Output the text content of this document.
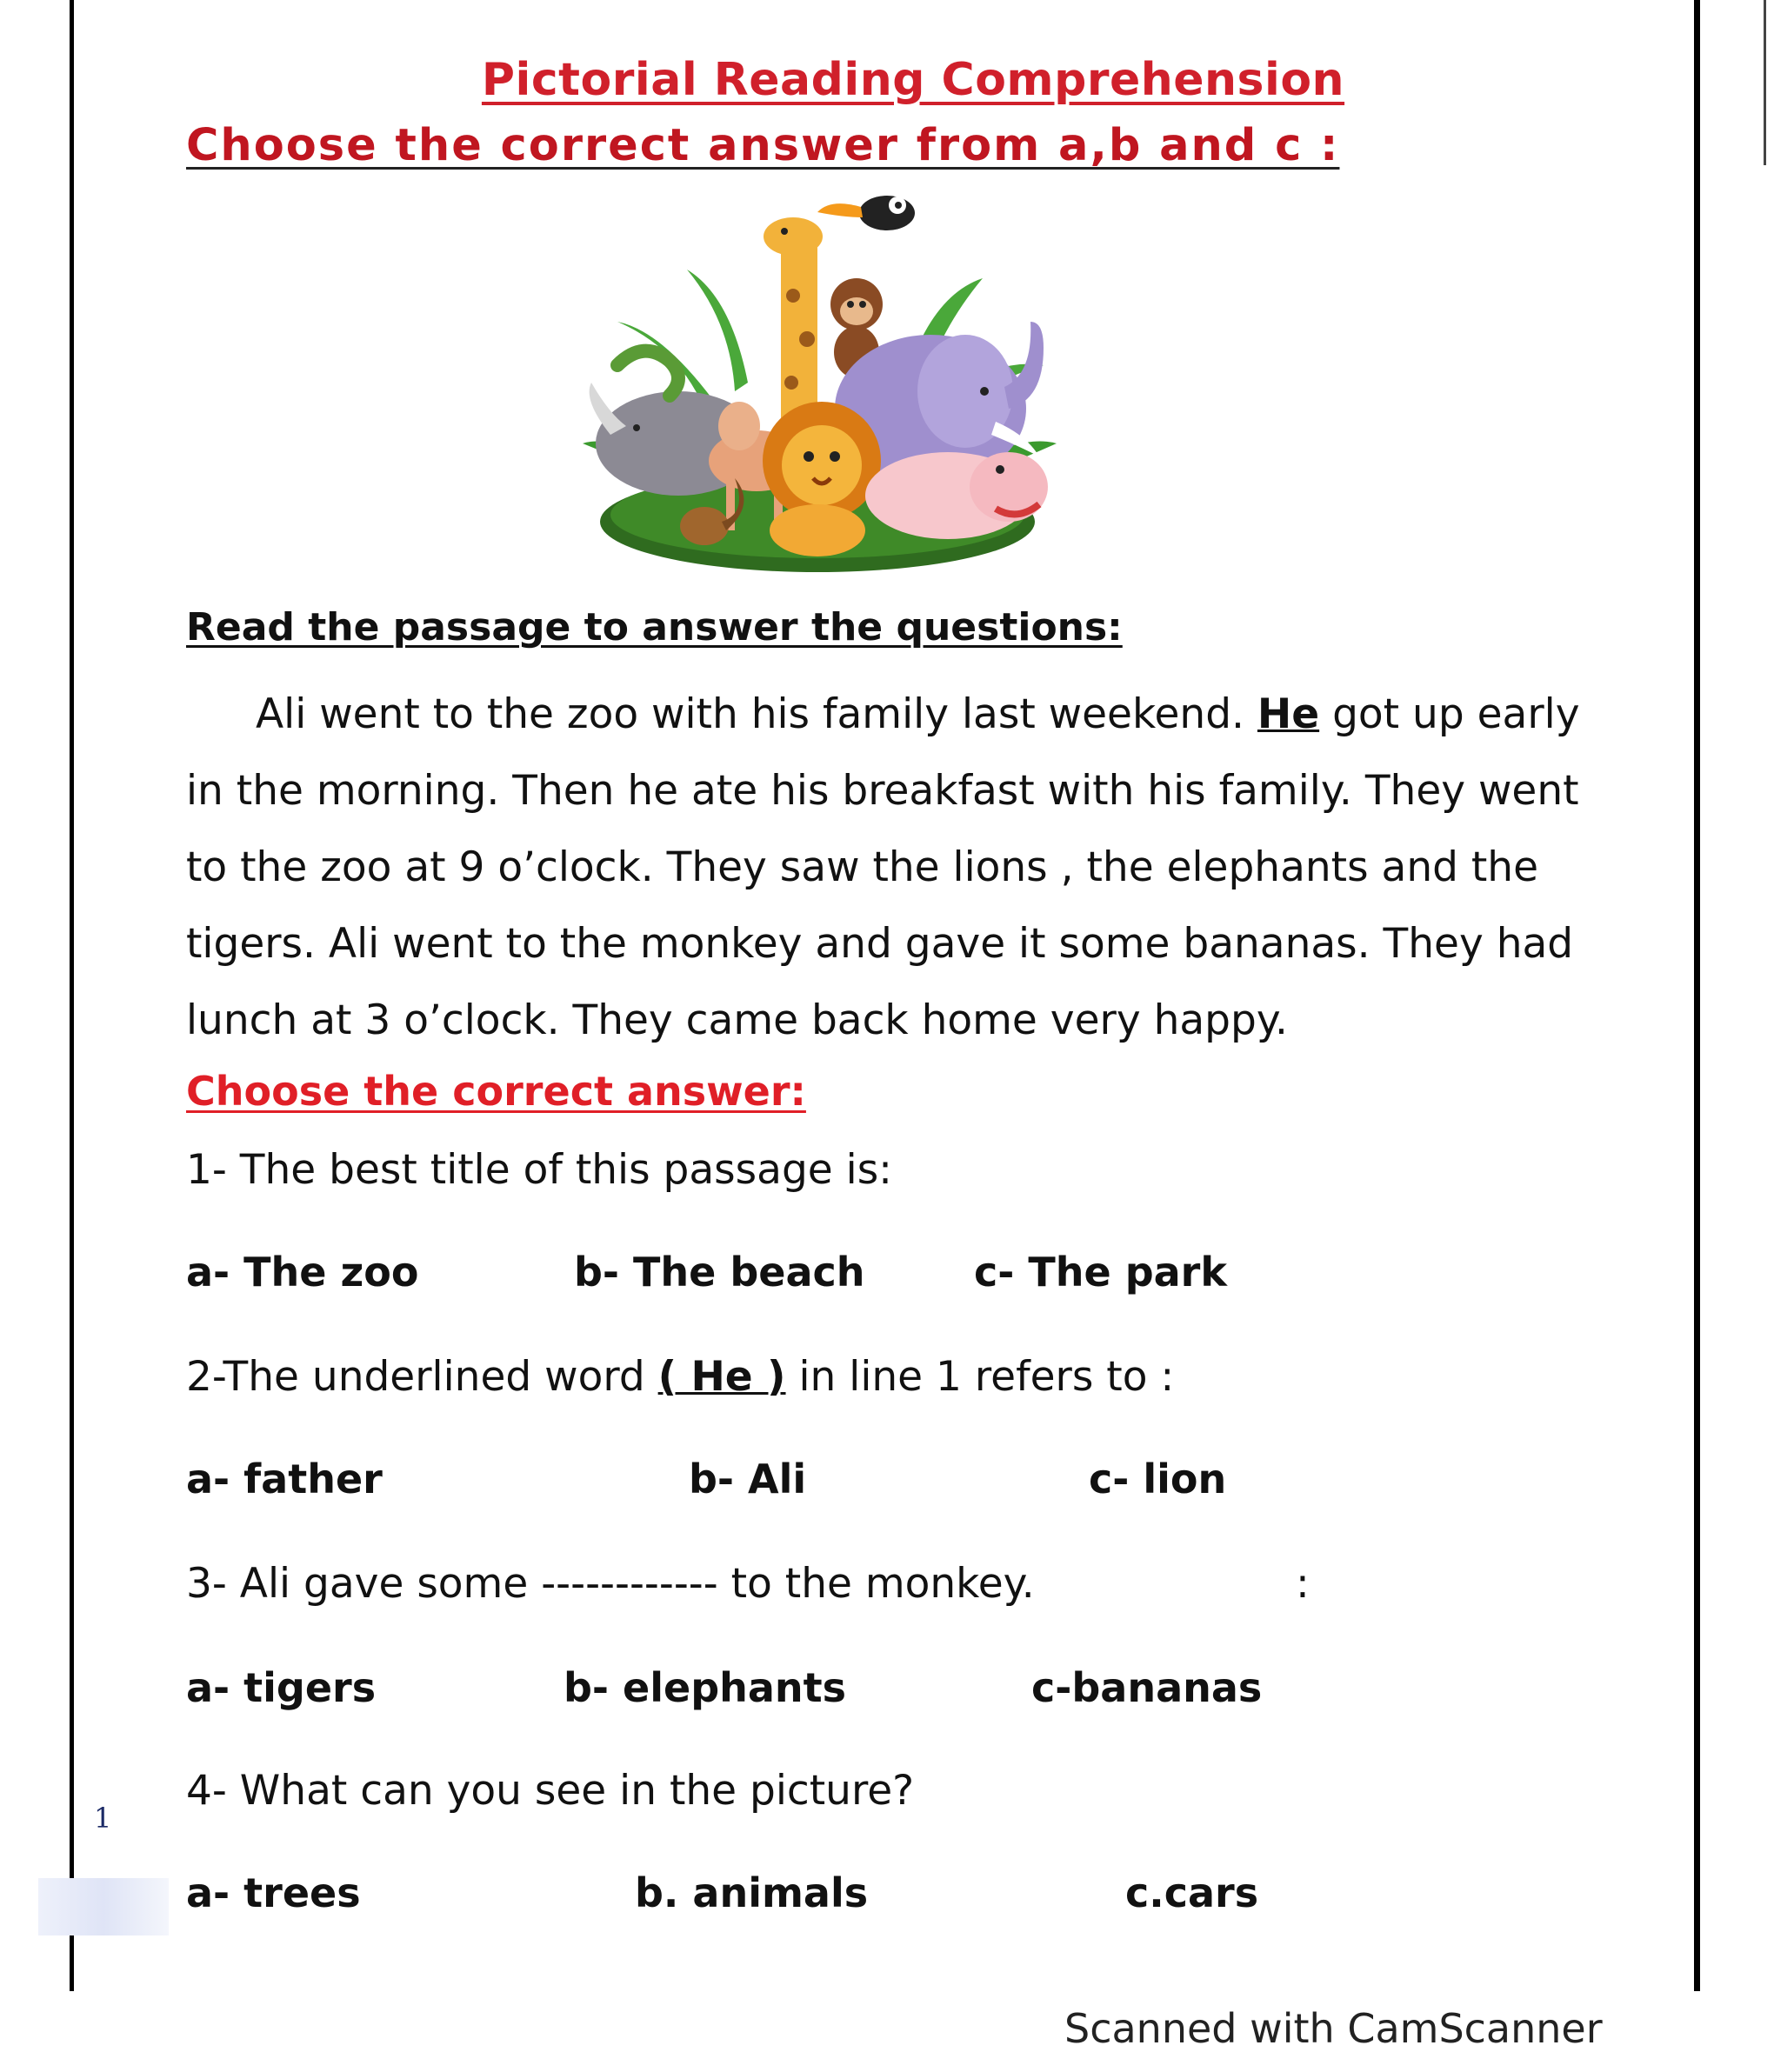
Pictorial Reading Comprehension
Choose the correct answer from a,b and c :
Read the passage to answer the questions:

Ali went to the zoo with his family last weekend. He got up early in the morning. Then he ate his breakfast with his family. They went to the zoo at 9 o’clock. They saw the lions , the elephants and the tigers. Ali went to the monkey and gave it some bananas. They had lunch at 3 o’clock. They came back home very happy.

Choose the correct answer:
1- The best title of this passage is:
a- The zoo	b- The beach	c- The park
2-The underlined word ( He ) in line 1 refers to :
a- father	b- Ali	c- lion
3- Ali gave some ------------ to the monkey.	:
a- tigers	b- elephants	c-bananas
4- What can you see in the picture?
a- trees	b. animals	c.cars
1
Scanned with CamScanner
